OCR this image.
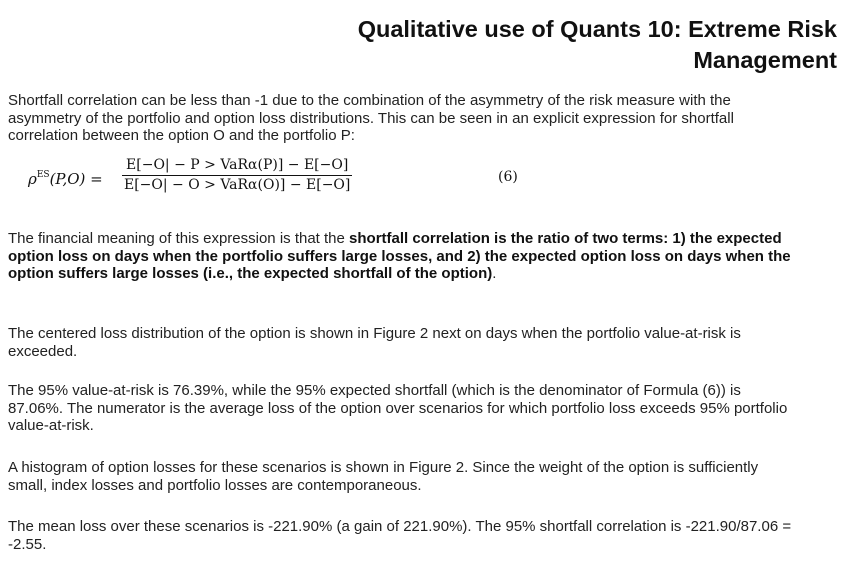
Qualitative use of Quants 10: Extreme Risk Management
Shortfall correlation can be less than -1 due to the combination of the asymmetry of the risk measure with the asymmetry of the portfolio and option loss distributions. This can be seen in an explicit expression for shortfall correlation between the option O and the portfolio P:
$\rho^{ES}(P,O)$ =
E[−O| − P > VaRα(P)] − E[−O]
E[−O| − O > VaRα(O)] − E[−O]	(6)
The financial meaning of this expression is that the shortfall correlation is the ratio of two terms: 1) the expected option loss on days when the portfolio suffers large losses, and 2) the expected option loss on days when the option suffers large losses (i.e., the expected shortfall of the option).
The centered loss distribution of the option is shown in Figure 2 next on days when the portfolio value-at-risk is exceeded.
The 95% value-at-risk is 76.39%, while the 95% expected shortfall (which is the denominator of Formula (6)) is 87.06%. The numerator is the average loss of the option over scenarios for which portfolio loss exceeds 95% portfolio value-at-risk.
A histogram of option losses for these scenarios is shown in Figure 2. Since the weight of the option is sufficiently small, index losses and portfolio losses are contemporaneous.
The mean loss over these scenarios is -221.90% (a gain of 221.90%). The 95% shortfall correlation is -221.90/87.06 = -2.55.
